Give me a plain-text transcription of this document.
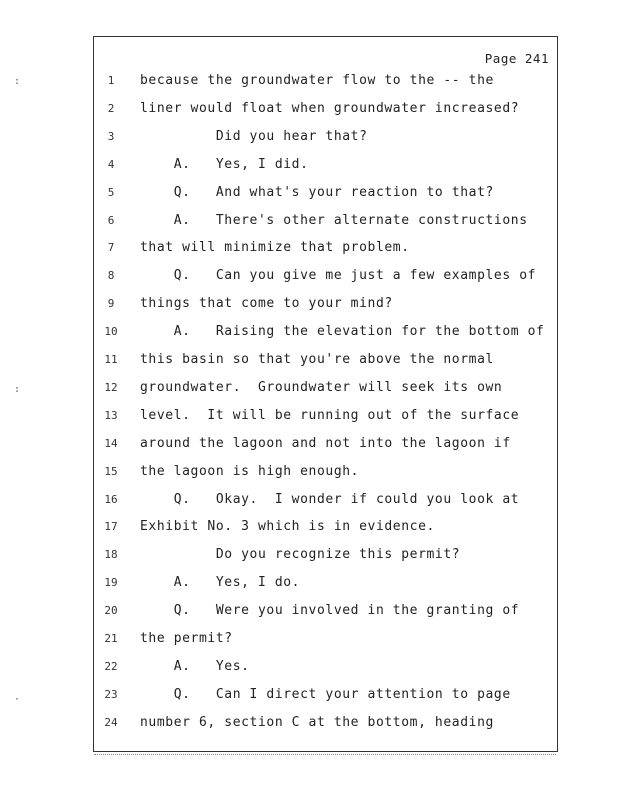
Page 241
1	because the groundwater flow to the -- the
2	liner would float when groundwater increased?
3	Did you hear that?
4	A.   Yes, I did.
5	Q.   And what's your reaction to that?
6	A.   There's other alternate constructions
7	that will minimize that problem.
8	Q.   Can you give me just a few examples of
9	things that come to your mind?
10	A.   Raising the elevation for the bottom of
11	this basin so that you're above the normal
12	groundwater.  Groundwater will seek its own
13	level.  It will be running out of the surface
14	around the lagoon and not into the lagoon if
15	the lagoon is high enough.
16	Q.   Okay.  I wonder if could you look at
17	Exhibit No. 3 which is in evidence.
18	Do you recognize this permit?
19	A.   Yes, I do.
20	Q.   Were you involved in the granting of
21	the permit?
22	A.   Yes.
23	Q.   Can I direct your attention to page
24	number 6, section C at the bottom, heading
:
:
·
